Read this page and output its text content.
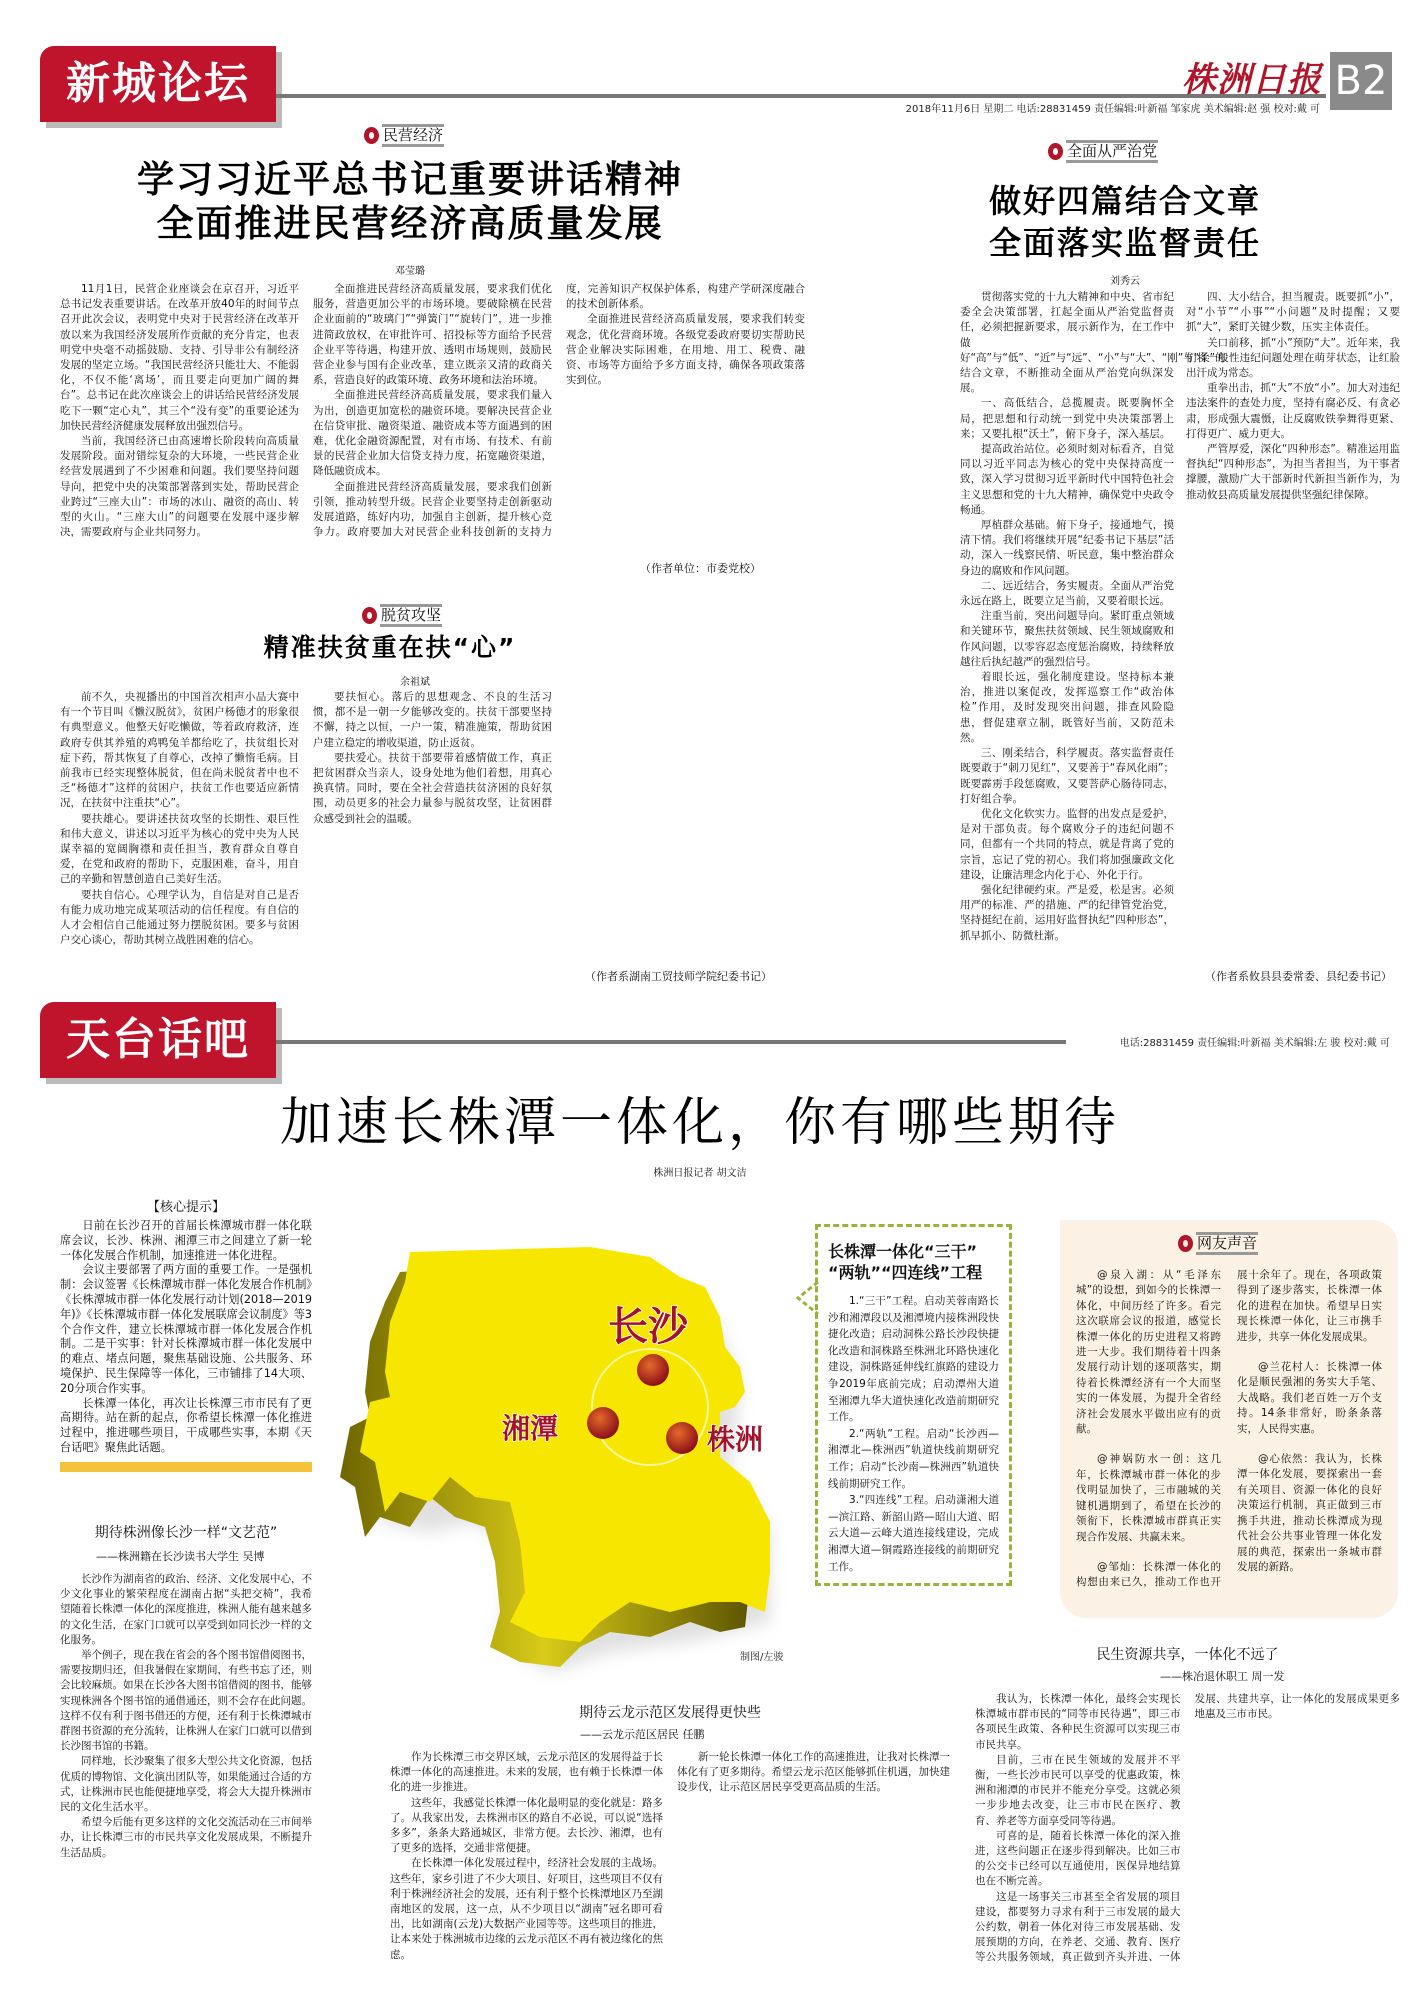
新城论坛	株洲日报 B2
2018年11月6日 星期二 电话:28831459 责任编辑:叶新福 邹家虎 美术编辑:赵 强 校对:戴 可
民营经济
学习习近平总书记重要讲话精神
全面推进民营经济高质量发展
邓莹璐

11月1日，民营企业座谈会在京召开，习近平总书记发表重要讲话。在改革开放40年的时间节点召开此次会议，表明党中央对于民营经济在改革开放以来为我国经济发展所作贡献的充分肯定，也表明党中央毫不动摇鼓励、支持、引导非公有制经济发展的坚定立场。“我国民营经济只能壮大、不能弱化，不仅不能‘离场’，而且要走向更加广阔的舞台”。总书记在此次座谈会上的讲话给民营经济发展吃下一颗“定心丸”，其三个“没有变”的重要论述为加快民营经济健康发展释放出强烈信号。

当前，我国经济已由高速增长阶段转向高质量发展阶段。面对错综复杂的大环境，一些民营企业经营发展遇到了不少困难和问题。我们要坚持问题导向，把党中央的决策部署落到实处，帮助民营企业跨过“三座大山”：市场的冰山、融资的高山、转型的火山。“三座大山”的问题要在发展中逐步解决，需要政府与企业共同努力。

全面推进民营经济高质量发展，要求我们优化服务，营造更加公平的市场环境。要破除横在民营企业面前的“玻璃门”“弹簧门”“旋转门”，进一步推进简政放权，在审批许可、招投标等方面给予民营企业平等待遇，构建开放、透明市场规则，鼓励民营企业参与国有企业改革，建立既亲又清的政商关系，营造良好的政策环境、政务环境和法治环境。

全面推进民营经济高质量发展，要求我们量入为出，创造更加宽松的融资环境。要解决民营企业在信贷审批、融资渠道、融资成本等方面遇到的困难，优化金融资源配置，对有市场、有技术、有前景的民营企业加大信贷支持力度，拓宽融资渠道，降低融资成本。

全面推进民营经济高质量发展，要求我们创新引领，推动转型升级。民营企业要坚持走创新驱动发展道路，练好内功，加强自主创新，提升核心竞争力。政府要加大对民营企业科技创新的支持力度，完善知识产权保护体系，构建产学研深度融合的技术创新体系。

全面推进民营经济高质量发展，要求我们转变观念，优化营商环境。各级党委政府要切实帮助民营企业解决实际困难，在用地、用工、税费、融资、市场等方面给予多方面支持，确保各项政策落实到位。

（作者单位：市委党校）
全面从严治党
做好四篇结合文章
全面落实监督责任
刘秀云

贯彻落实党的十九大精神和中央、省市纪委全会决策部署，扛起全面从严治党监督责任，必须把握新要求，展示新作为，在工作中做好“高”与“低”、“近”与“远”、“小”与“大”、“刚”与“柔”的结合文章，不断推动全面从严治党向纵深发展。

一、高低结合，总揽履责。既要胸怀全局，把思想和行动统一到党中央决策部署上来；又要扎根“沃土”，俯下身子，深入基层。

提高政治站位。必须时刻对标看齐，自觉同以习近平同志为核心的党中央保持高度一致，深入学习贯彻习近平新时代中国特色社会主义思想和党的十九大精神，确保党中央政令畅通。

厚植群众基础。俯下身子，接通地气，摸清下情。我们将继续开展“纪委书记下基层”活动，深入一线察民情、听民意，集中整治群众身边的腐败和作风问题。

二、远近结合，务实履责。全面从严治党永远在路上，既要立足当前，又要着眼长远。

注重当前，突出问题导向。紧盯重点领域和关键环节，聚焦扶贫领域、民生领域腐败和作风问题，以零容忍态度惩治腐败，持续释放越往后执纪越严的强烈信号。

着眼长远，强化制度建设。坚持标本兼治，推进以案促改，发挥巡察工作“政治体检”作用，及时发现突出问题，排查风险隐患，督促建章立制，既管好当前，又防范未然。

三、刚柔结合，科学履责。落实监督责任既要敢于“刺刀见红”，又要善于“春风化雨”；既要霹雳手段惩腐败，又要菩萨心肠待同志，打好组合拳。

优化文化软实力。监督的出发点是爱护，是对干部负责。每个腐败分子的违纪问题不同，但都有一个共同的特点，就是背离了党的宗旨，忘记了党的初心。我们将加强廉政文化建设，让廉洁理念内化于心、外化于行。

强化纪律硬约束。严是爱，松是害。必须用严的标准、严的措施、严的纪律管党治党，坚持挺纪在前，运用好监督执纪“四种形态”，抓早抓小、防微杜渐。

四、大小结合，担当履责。既要抓“小”，对“小节”“小事”“小问题”及时提醒；又要抓“大”，紧盯关键少数，压实主体责任。

关口前移，抓“小”预防“大”。近年来，我们将一般性违纪问题处理在萌芽状态，让红脸出汗成为常态。

重拳出击，抓“大”不放“小”。加大对违纪违法案件的查处力度，坚持有腐必反、有贪必肃，形成强大震慑，让反腐败铁拳舞得更紧、打得更广、威力更大。

严管厚爱，深化“四种形态”。精准运用监督执纪“四种形态”，为担当者担当，为干事者撑腰，激励广大干部新时代新担当新作为，为推动攸县高质量发展提供坚强纪律保障。

（作者系攸县县委常委、县纪委书记）
脱贫攻坚
精准扶贫重在扶“心”
余祖斌

前不久，央视播出的中国首次相声小品大赛中有一个节目叫《懒汉脱贫》，贫困户杨德才的形象很有典型意义。他整天好吃懒做，等着政府救济，连政府专供其养殖的鸡鸭兔羊都给吃了，扶贫组长对症下药，帮其恢复了自尊心，改掉了懒惰毛病。目前我市已经实现整体脱贫，但在尚未脱贫者中也不乏“杨德才”这样的贫困户，扶贫工作也要适应新情况，在扶贫中注重扶“心”。

要扶雄心。要讲述扶贫攻坚的长期性、艰巨性和伟大意义，讲述以习近平为核心的党中央为人民谋幸福的宽阔胸襟和责任担当，教育群众自尊自爱，在党和政府的帮助下，克服困难，奋斗，用自己的辛勤和智慧创造自己美好生活。

要扶自信心。心理学认为，自信是对自己是否有能力成功地完成某项活动的信任程度。有自信的人才会相信自己能通过努力摆脱贫困。要多与贫困户交心谈心，帮助其树立战胜困难的信心。

要扶恒心。落后的思想观念、不良的生活习惯，都不是一朝一夕能够改变的。扶贫干部要坚持不懈，持之以恒，一户一策，精准施策，帮助贫困户建立稳定的增收渠道，防止返贫。

要扶爱心。扶贫干部要带着感情做工作，真正把贫困群众当亲人，设身处地为他们着想，用真心换真情。同时，要在全社会营造扶贫济困的良好氛围，动员更多的社会力量参与脱贫攻坚，让贫困群众感受到社会的温暖。

（作者系湖南工贸技师学院纪委书记）
天台话吧	电话:28831459 责任编辑:叶新福 美术编辑:左 骏 校对:戴 可
加速长株潭一体化，你有哪些期待
株洲日报记者 胡文洁
【核心提示】

日前在长沙召开的首届长株潭城市群一体化联席会议，长沙、株洲、湘潭三市之间建立了新一轮一体化发展合作机制，加速推进一体化进程。

会议主要部署了两方面的重要工作。一是强机制：会议签署《长株潭城市群一体化发展合作机制》《长株潭城市群一体化发展行动计划(2018—2019年)》《长株潭城市群一体化发展联席会议制度》等3个合作文件，建立长株潭城市群一体化发展合作机制。二是干实事：针对长株潭城市群一体化发展中的难点、堵点问题，聚焦基础设施、公共服务、环境保护、民生保障等一体化，三市铺排了14大项、20分项合作实事。

长株潭一体化，再次让长株潭三市市民有了更高期待。站在新的起点，你希望长株潭一体化推进过程中，推进哪些项目，干成哪些实事，本期《天台话吧》聚焦此话题。

期待株洲像长沙一样“文艺范”
——株洲籍在长沙读书大学生 吴博

长沙作为湖南省的政治、经济、文化发展中心，不少文化事业的繁荣程度在湖南占据“头把交椅”，我希望随着长株潭一体化的深度推进，株洲人能有越来越多的文化生活，在家门口就可以享受到如同长沙一样的文化服务。

举个例子，现在我在省会的各个图书馆借阅图书，需要按期归还，但我暑假在家期间，有些书忘了还，则会比较麻烦。如果在长沙各大图书馆借阅的图书，能够实现株洲各个图书馆的通借通还，则不会存在此问题。这样不仅有利于图书借还的方便，还有利于长株潭城市群图书资源的充分流转，让株洲人在家门口就可以借到长沙图书馆的书籍。

同样地，长沙聚集了很多大型公共文化资源，包括优质的博物馆、文化演出团队等，如果能通过合适的方式，让株洲市民也能便捷地享受，将会大大提升株洲市民的文化生活水平。

希望今后能有更多这样的文化交流活动在三市间举办，让长株潭三市的市民共享文化发展成果，不断提升生活品质。

长沙
湘潭	株洲
制图/左骏
长株潭一体化“三干”
“两轨”“四连线”工程

1.“三干”工程。启动芙蓉南路长沙和湘潭段以及湘潭境内接株洲段快捷化改造；启动洞株公路长沙段快捷化改造和洞株路至株洲北环路快速化建设，洞株路延伸线红旗路的建设力争2019年底前完成；启动潭州大道至湘潭九华大道快速化改造前期研究工作。

2.“两轨”工程。启动“长沙西—湘潭北—株洲西”轨道快线前期研究工作；启动“长沙南—株洲西”轨道快线前期研究工作。

3.“四连线”工程。启动潇湘大道—滨江路、新韶山路—昭山大道、昭云大道—云峰大道连接线建设，完成湘潭大道—铜霞路连接线的前期研究工作。

网友声音

@泉入湖：从“毛泽东城”的设想，到如今的长株潭一体化，中间历经了许多。看完这次联席会议的报道，感觉长株潭一体化的历史进程又将跨进一大步。我们期待着十四条发展行动计划的逐项落实，期待着长株潭经济有一个大而坚实的一体发展，为提升全省经济社会发展水平做出应有的贡献。

@神娲防水一创：这几年，长株潭城市群一体化的步伐明显加快了，三市融城的关键机遇期到了，希望在长沙的领衔下，长株潭城市群真正实现合作发展、共赢未来。

@邹灿：长株潭一体化的构想由来已久，推动工作也开展十余年了。现在，各项政策得到了逐步落实，长株潭一体化的进程在加快。希望早日实现长株潭一体化，让三市携手进步，共享一体化发展成果。

@兰花村人：长株潭一体化是顺民强湘的务实大手笔、大战略。我们老百姓一万个支持。14条非常好，盼条条落实，人民得实惠。

@心依然：我认为，长株潭一体化发展，要探索出一套有关项目、资源一体化的良好决策运行机制，真正做到三市携手共进，推动长株潭成为现代社会公共事业管理一体化发展的典范，探索出一条城市群发展的新路。

期待云龙示范区发展得更快些
——云龙示范区居民 任鹏

作为长株潭三市交界区域，云龙示范区的发展得益于长株潭一体化的高速推进。未来的发展，也有赖于长株潭一体化的进一步推进。

这些年，我感觉长株潭一体化最明显的变化就是：路多了。从我家出发，去株洲市区的路自不必说，可以说“选择多多”，条条大路通城区，非常方便。去长沙、湘潭，也有了更多的选择，交通非常便捷。

在长株潭一体化发展过程中，经济社会发展的主战场。这些年，家乡引进了不少大项目、好项目，这些项目不仅有利于株洲经济社会的发展，还有利于整个长株潭地区乃至湖南地区的发展，这一点，从不少项目以“湖南”冠名即可看出，比如湖南(云龙)大数据产业园等等。这些项目的推进，让本来处于株洲城市边缘的云龙示范区不再有被边缘化的焦虑。

新一轮长株潭一体化工作的高速推进，让我对长株潭一体化有了更多期待。希望云龙示范区能够抓住机遇，加快建设步伐，让示范区居民享受更高品质的生活。

民生资源共享，一体化不远了
——株冶退休职工 周一发

我认为，长株潭一体化，最终会实现长株潭城市群市民的“同等市民待遇”，即三市各项民生政策、各种民生资源可以实现三市市民共享。

目前，三市在民生领域的发展并不平衡，一些长沙市民可以享受的优惠政策，株洲和湘潭的市民并不能充分享受。这就必须一步步地去改变，让三市市民在医疗、教育、养老等方面享受同等待遇。

可喜的是，随着长株潭一体化的深入推进，这些问题正在逐步得到解决。比如三市的公交卡已经可以互通使用，医保异地结算也在不断完善。

这是一场事关三市甚至全省发展的项目建设，都要努力寻求有利于三市发展的最大公约数，朝着一体化对待三市发展基础、发展预期的方向，在养老、交通、教育、医疗等公共服务领域，真正做到齐头并进、一体发展、共建共享，让一体化的发展成果更多地惠及三市市民。
